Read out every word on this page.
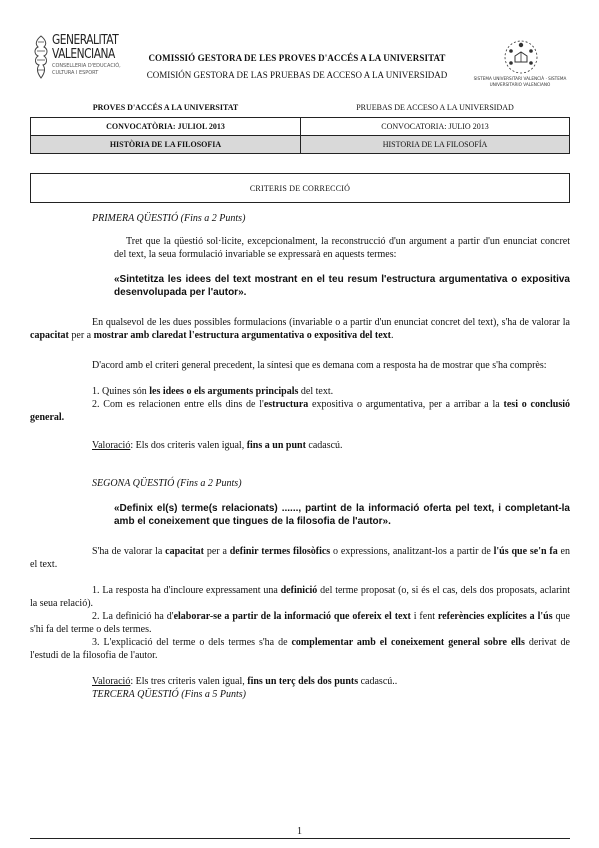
GENERALITAT VALENCIANA
CONSELLERIA D'EDUCACIÓ, CULTURA I ESPORT
COMISSIÓ GESTORA DE LES PROVES D'ACCÉS A LA UNIVERSITAT
COMISIÓN GESTORA DE LAS PRUEBAS DE ACCESO A LA UNIVERSIDAD	SISTEMA UNIVERSITARI VALENCIÀ · SISTEMA UNIVERSITARIO VALENCIANO
PROVES D'ACCÉS A LA UNIVERSITAT	PRUEBAS DE ACCESO A LA UNIVERSIDAD
CONVOCATÒRIA: JULIOL 2013	CONVOCATORIA: JULIO 2013
HISTÒRIA DE LA FILOSOFIA	HISTORIA DE LA FILOSOFÍA
CRITERIS DE CORRECCIÓ
PRIMERA QÜESTIÓ (Fins a 2 Punts)
Tret que la qüestió sol·licite, excepcionalment, la reconstrucció d'un argument a partir d'un enunciat concret del text, la seua formulació invariable se expressarà en aquests termes:
«Sintetitza les idees del text mostrant en el teu resum l'estructura argumentativa o expositiva desenvolupada per l'autor».
En qualsevol de les dues possibles formulacions (invariable o a partir d'un enunciat concret del text), s'ha de valorar la capacitat per a mostrar amb claredat l'estructura argumentativa o expositiva del text.
D'acord amb el criteri general precedent, la síntesi que es demana com a resposta ha de mostrar que s'ha comprès:
1. Quines són les idees o els arguments principals del text.
2. Com es relacionen entre ells dins de l'estructura expositiva o argumentativa, per a arribar a la tesi o conclusió general.
Valoració: Els dos criteris valen igual, fins a un punt cadascú.
SEGONA QÜESTIÓ (Fins a 2 Punts)
«Definix el(s) terme(s relacionats) ......, partint de la informació oferta pel text, i completant-la amb el coneixement que tingues de la filosofia de l'autor».
S'ha de valorar la capacitat per a definir termes filosòfics o expressions, analitzant-los a partir de l'ús que se'n fa en el text.
1. La resposta ha d'incloure expressament una definició del terme proposat (o, si és el cas, dels dos proposats, aclarint la seua relació).
2. La definició ha d'elaborar-se a partir de la informació que ofereix el text i fent referències explícites a l'ús que s'hi fa del terme o dels termes.
3. L'explicació del terme o dels termes s'ha de complementar amb el coneixement general sobre ells derivat de l'estudi de la filosofia de l'autor.
Valoració: Els tres criteris valen igual, fins un terç dels dos punts cadascú..
TERCERA QÜESTIÓ (Fins a 5 Punts)
1
